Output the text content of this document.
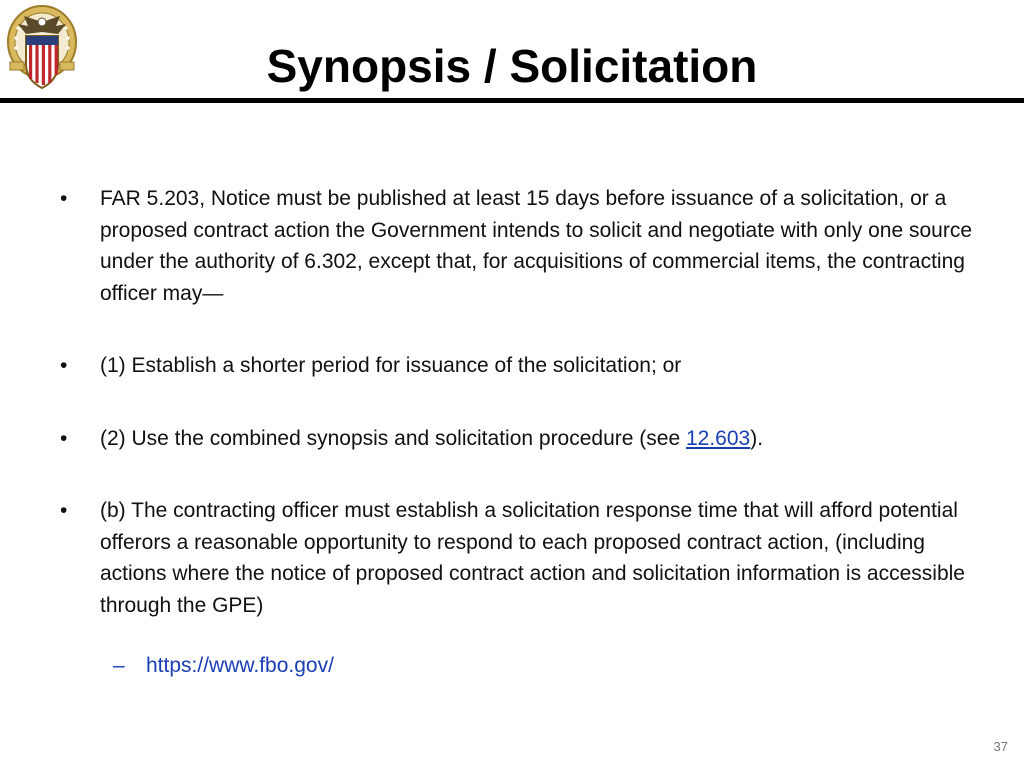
Synopsis / Solicitation
•
FAR 5.203, Notice must be published at least 15 days before issuance of a solicitation, or a proposed contract action the Government intends to solicit and negotiate with only one source under the authority of 6.302, except that, for acquisitions of commercial items, the contracting officer may—
•
(1) Establish a shorter period for issuance of the solicitation; or
•
(2) Use the combined synopsis and solicitation procedure (see 12.603).
•
(b) The contracting officer must establish a solicitation response time that will afford potential offerors a reasonable opportunity to respond to each proposed contract action, (including actions where the notice of proposed contract action and solicitation information is accessible through the GPE)
–
https://www.fbo.gov/
37
